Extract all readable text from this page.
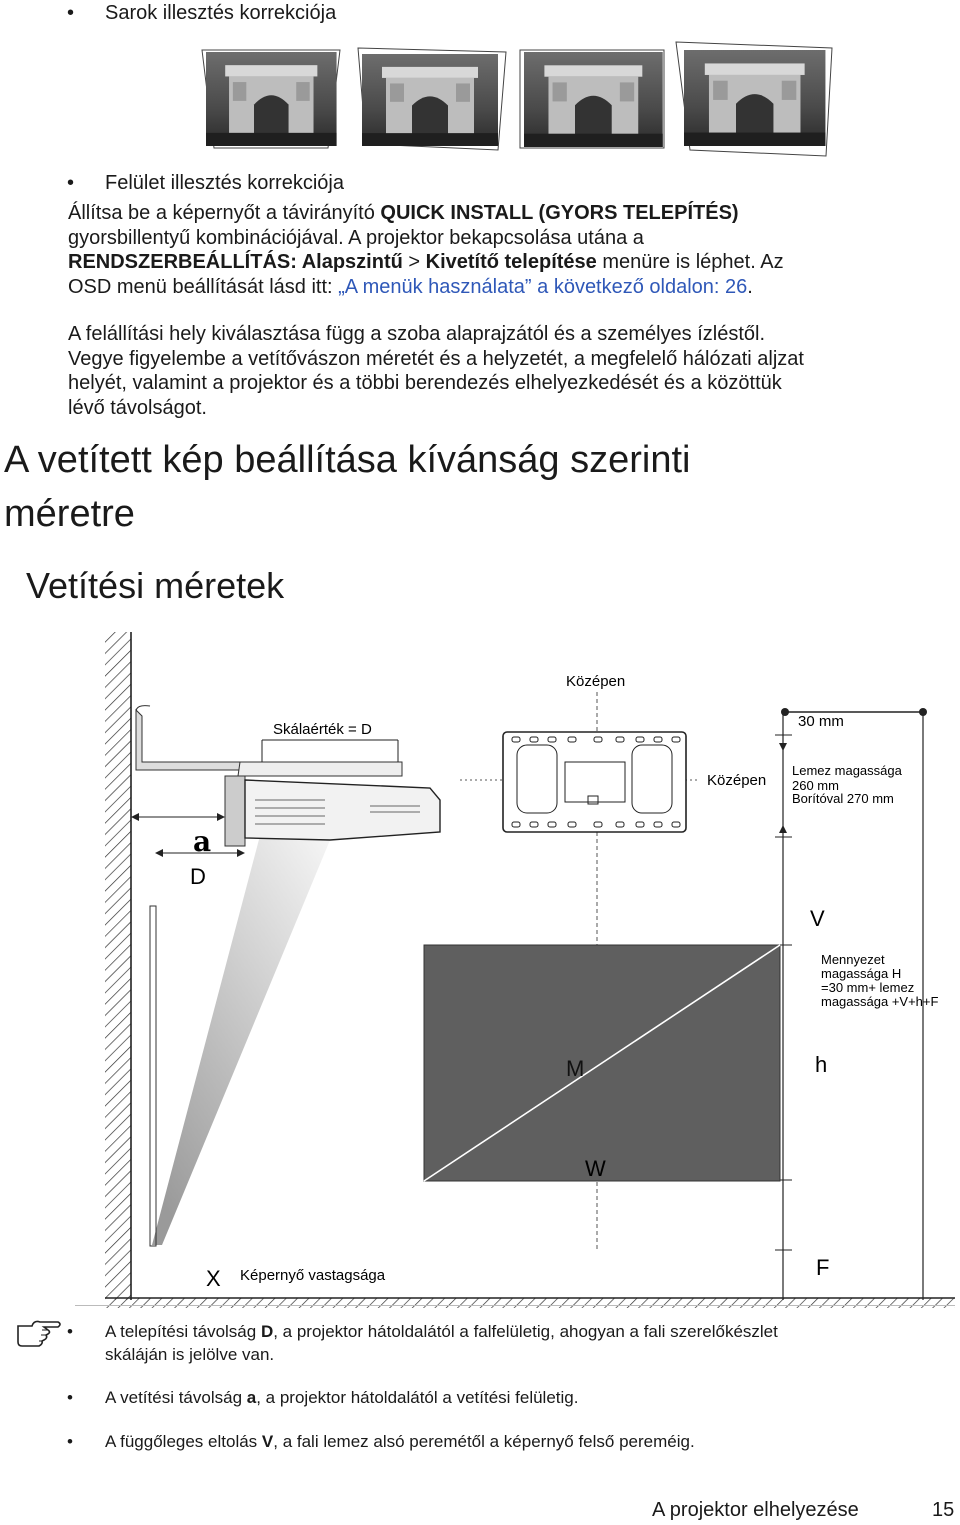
• Sarok illesztés korrekciója
• Felület illesztés korrekciója
Állítsa be a képernyőt a távirányító QUICK INSTALL (GYORS TELEPÍTÉS)
gyorsbillentyű kombinációjával. A projektor bekapcsolása utána a
RENDSZERBEÁLLÍTÁS: Alapszintű > Kivetítő telepítése menüre is léphet. Az
OSD menü beállítását lásd itt: „A menük használata” a következő oldalon: 26.
A felállítási hely kiválasztása függ a szoba alaprajzától és a személyes ízléstől.
Vegye figyelembe a vetítővászon méretét és a helyzetét, a megfelelő hálózati aljzat
helyét, valamint a projektor és a többi berendezés elhelyezkedését és a közöttük
lévő távolságot.
A vetített kép beállítása kívánság szerinti
méretre
Vetítési méretek
Középen
Skálaérték = D
Középen
30 mm
Lemez magassága
260 mm
Borítóval 270 mm
a
D
V
Mennyezet
magassága H
=30 mm+ lemez
magassága +V+h+F
M	h
W
X Képernyő vastagsága	F
• A telepítési távolság D, a projektor hátoldalától a falfelületig, ahogyan a fali szerelőkészlet
skáláján is jelölve van.
• A vetítési távolság a, a projektor hátoldalától a vetítési felületig.
• A függőleges eltolás V, a fali lemez alsó peremétől a képernyő felső pereméig.
A projektor elhelyezése	15
